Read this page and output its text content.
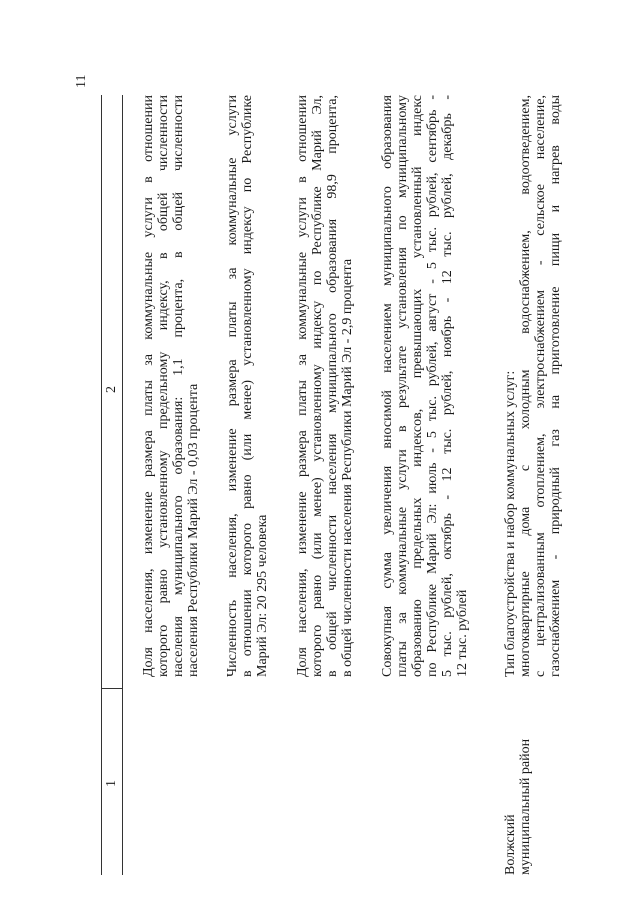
11
1
2
Волжский муниципальный район
Доля населения, изменение размера платы за коммунальные услуги в отношении которого равно установленному предельному индексу, в общей численности населения муниципального образования: 1,1 процента, в общей численности населения Республики Марий Эл - 0,03 процента Численность населения, изменение размера платы за коммунальные услуги в отношении которого равно (или менее) установленному индексу по Республике Марий Эл: 20 295 человека Доля населения, изменение размера платы за коммунальные услуги в отношении которого равно (или менее) установленному индексу по Республике Марий Эл, в общей численности населения муниципального образования 98,9 процента, в общей численности населения Республики Марий Эл - 2,9 процента Совокупная сумма увеличения вносимой населением муниципального образования платы за коммунальные услуги в результате установления по муниципальному образованию предельных индексов, превышающих установленный индекс по Республике Марий Эл: июль - 5 тыс. рублей, август - 5 тыс. рублей, сентябрь - 5 тыс. рублей, октябрь - 12 тыс. рублей, ноябрь - 12 тыс. рублей, декабрь - 12 тыс. рублей Тип благоустройства и набор коммунальных услуг: многоквартирные дома с холодным водоснабжением, водоотведением, с централизованным отоплением, электроснабжением - сельское население, газоснабжением - природный газ на приготовление пищи и нагрев воды
